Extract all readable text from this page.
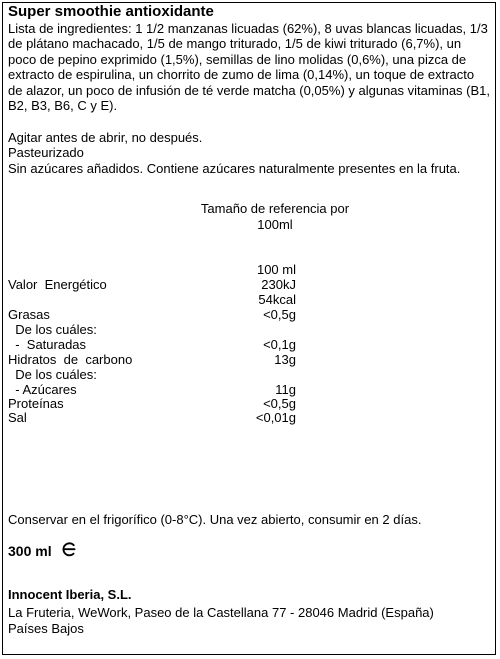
Super smoothie antioxidante
Lista de ingredientes: 1 1/2 manzanas licuadas (62%), 8 uvas blancas licuadas, 1/3 de plátano machacado, 1/5 de mango triturado, 1/5 de kiwi triturado (6,7%), un poco de pepino exprimido (1,5%), semillas de lino molidas (0,6%), una pizca de extracto de espirulina, un chorrito de zumo de lima (0,14%), un toque de extracto de alazor, un poco de infusión de té verde matcha (0,05%) y algunas vitaminas (B1, B2, B3, B6, C y E).
Agitar antes de abrir, no después.
Pasteurizado
Sin azúcares añadidos. Contiene azúcares naturalmente presentes en la fruta.
Tamaño de referencia por
100ml
100 ml
Valor  Energético	230kJ
54kcal
Grasas	<0,5g
De los cuáles:
-  Saturadas	<0,1g
Hidratos  de  carbono	13g
De los cuáles:
- Azúcares	11g
Proteínas	<0,5g
Sal	<0,01g
Conservar en el frigorífico (0-8°C). Una vez abierto, consumir en 2 días.
300 ml
Innocent Iberia, S.L.
La Fruteria, WeWork, Paseo de la Castellana 77 - 28046 Madrid (España)
Países Bajos
